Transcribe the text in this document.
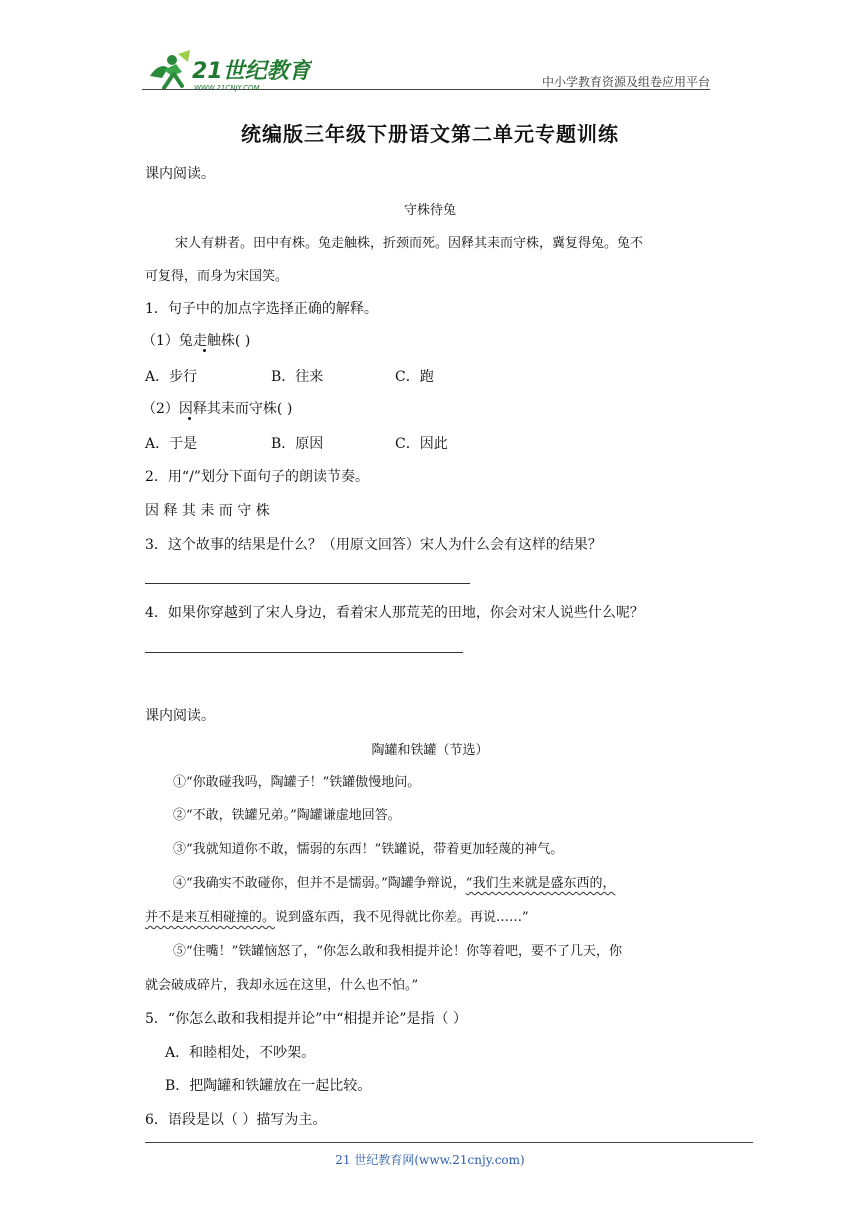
21世纪教育
WWW.21CNJY.COM	中小学教育资源及组卷应用平台
统编版三年级下册语文第二单元专题训练
课内阅读。
守株待兔
宋人有耕者。田中有株。兔走触株，折颈而死。因释其耒而守株，冀复得兔。兔不
可复得，而身为宋国笑。
1．句子中的加点字选择正确的解释。
（1）兔走触株( )
A．步行	B．往来	C．跑
（2）因释其耒而守株( )
A．于是	B．原因	C．因此
2．用“/”划分下面句子的朗读节奏。
因 释 其 耒 而 守 株
3．这个故事的结果是什么？（用原文回答）宋人为什么会有这样的结果？
4．如果你穿越到了宋人身边，看着宋人那荒芜的田地，你会对宋人说些什么呢？
课内阅读。
陶罐和铁罐（节选）
①“你敢碰我吗，陶罐子！”铁罐傲慢地问。
②“不敢，铁罐兄弟。”陶罐谦虚地回答。
③“我就知道你不敢，懦弱的东西！”铁罐说，带着更加轻蔑的神气。
④“我确实不敢碰你，但并不是懦弱。”陶罐争辩说，“我们生来就是盛东西的，
并不是来互相碰撞的。说到盛东西，我不见得就比你差。再说……”
⑤“住嘴！”铁罐恼怒了，“你怎么敢和我相提并论！你等着吧，要不了几天，你
就会破成碎片，我却永远在这里，什么也不怕。”
5．“你怎么敢和我相提并论”中“相提并论”是指（ ）
A．和睦相处，不吵架。
B．把陶罐和铁罐放在一起比较。
6．语段是以（ ）描写为主。
21 世纪教育网(www.21cnjy.com)
